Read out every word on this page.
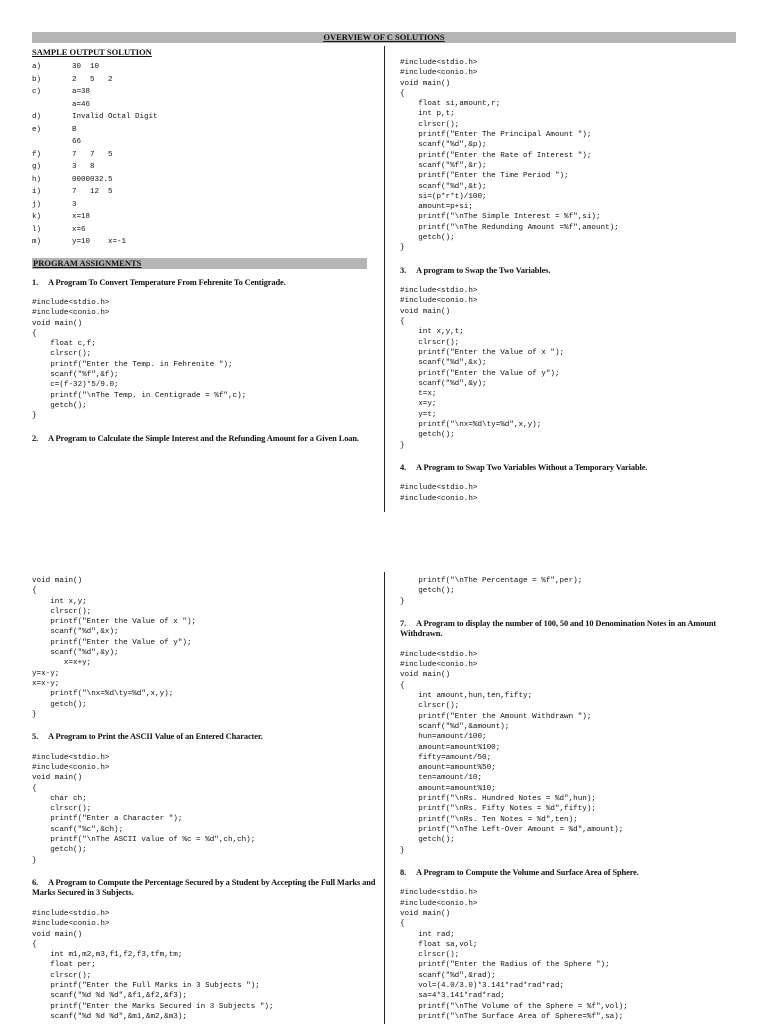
OVERVIEW OF C SOLUTIONS
SAMPLE OUTPUT SOLUTION
a)	30  10
b)	2   5   2
c)	a=38
a=46
d)	Invalid Octal Digit
e)	B
66
f)	7   7   5
g)	3   8
h)	0000032.5
i)	7   12  5
j)	3
k)	x=18
l)	x=6
m)	y=10    x=-1
PROGRAM ASSIGNMENTS
1. A Program To Convert Temperature From Fehrenite To Centigrade.
#include<stdio.h>
#include<conio.h>
void main()
{
float c,f;
clrscr();
printf("Enter the Temp. in Fehrenite ");
scanf("%f",&f);
c=(f-32)*5/9.0;
printf("\nThe Temp. in Centigrade = %f",c);
getch();
}
2. A Program to Calculate the Simple Interest and the Refunding Amount for a Given Loan.
#include<stdio.h>
#include<conio.h>
void main()
{
float si,amount,r;
int p,t;
clrscr();
printf("Enter The Principal Amount ");
scanf("%d",&p);
printf("Enter the Rate of Interest ");
scanf("%f",&r);
printf("Enter the Time Period ");
scanf("%d",&t);
si=(p*r*t)/100;
amount=p+si;
printf("\nThe Simple Interest = %f",si);
printf("\nThe Redunding Amount =%f",amount);
getch();
}
3. A program to Swap the Two Variables.
#include<stdio.h>
#include<conio.h>
void main()
{
int x,y,t;
clrscr();
printf("Enter the Value of x ");
scanf("%d",&x);
printf("Enter the Value of y");
scanf("%d",&y);
t=x;
x=y;
y=t;
printf("\nx=%d\ty=%d",x,y);
getch();
}
4. A Program to Swap Two Variables Without a Temporary Variable.
#include<stdio.h>
#include<conio.h>
void main()
{
int x,y;
clrscr();
printf("Enter the Value of x ");
scanf("%d",&x);
printf("Enter the Value of y");
scanf("%d",&y);
x=x+y;
y=x-y;
x=x-y;
printf("\nx=%d\ty=%d",x,y);
getch();
}
5. A Program to Print the ASCII Value of an Entered Character.
#include<stdio.h>
#include<conio.h>
void main()
{
char ch;
clrscr();
printf("Enter a Character ");
scanf("%c",&ch);
printf("\nThe ASCII value of %c = %d",ch,ch);
getch();
}
6. A Program to Compute the Percentage Secured by a Student by Accepting the Full Marks and Marks Secured in 3 Subjects.
#include<stdio.h>
#include<conio.h>
void main()
{
int m1,m2,m3,f1,f2,f3,tfm,tm;
float per;
clrscr();
printf("Enter the Full Marks in 3 Subjects ");
scanf("%d %d %d",&f1,&f2,&f3);
printf("Enter the Marks Secured in 3 Subjects ");
scanf("%d %d %d",&m1,&m2,&m3);
printf("\nThe Percentage = %f",per);
getch();
}
7. A Program to display the number of 100, 50 and 10 Denomination Notes in an Amount Withdrawn.
#include<stdio.h>
#include<conio.h>
void main()
{
int amount,hun,ten,fifty;
clrscr();
printf("Enter the Amount Withdrawn ");
scanf("%d",&amount);
hun=amount/100;
amount=amount%100;
fifty=amount/50;
amount=amount%50;
ten=amount/10;
amount=amount%10;
printf("\nRs. Hundred Notes = %d",hun);
printf("\nRs. Fifty Notes = %d",fifty);
printf("\nRs. Ten Notes = %d",ten);
printf("\nThe Left-Over Amount = %d",amount);
getch();
}
8. A Program to Compute the Volume and Surface Area of Sphere.
#include<stdio.h>
#include<conio.h>
void main()
{
int rad;
float sa,vol;
clrscr();
printf("Enter the Radius of the Sphere ");
scanf("%d",&rad);
vol=(4.0/3.0)*3.141*rad*rad*rad;
sa=4*3.141*rad*rad;
printf("\nThe Volume of the Sphere = %f",vol);
printf("\nThe Surface Area of Sphere=%f",sa);
